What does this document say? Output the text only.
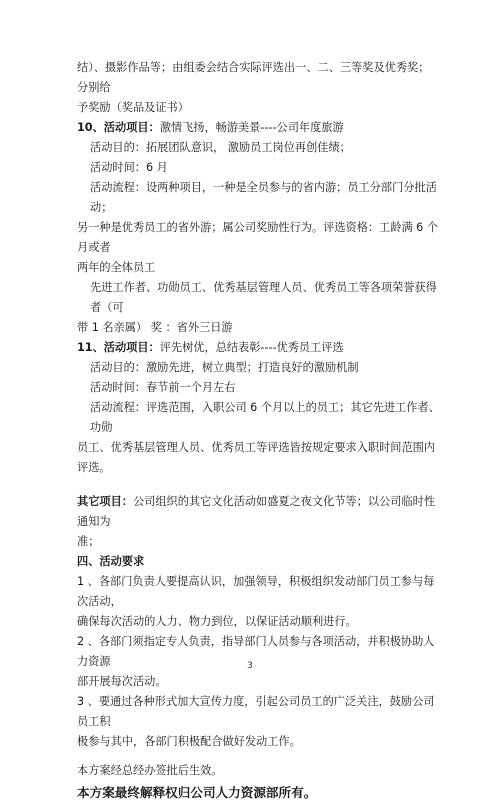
结）、摄影作品等；由组委会结合实际评选出一、二、三等奖及优秀奖；分别给

予奖励（奖品及证书）

10、活动项目：激情飞扬，畅游美景----公司年度旅游

活动目的：拓展团队意识， 激励员工岗位再创佳绩；

活动时间：6 月

活动流程：设两种项目，一种是全员参与的省内游；员工分部门分批活动；

另一种是优秀员工的省外游；属公司奖励性行为。评选资格：工龄满 6 个月或者

两年的全体员工

先进工作者、功勋员工、优秀基层管理人员、优秀员工等各项荣誉获得者（可

带 1 名亲属） 奖 ：省外三日游

11、活动项目：评先树优，总结表彰----优秀员工评选

活动目的：激励先进，树立典型；打造良好的激励机制

活动时间：春节前一个月左右

活动流程：评选范围，入职公司 6 个月以上的员工；其它先进工作者、功勋

员工、优秀基层管理人员、优秀员工等评选皆按规定要求入职时间范围内评选。

其它项目：公司组织的其它文化活动如盛夏之夜文化节等；以公司临时性通知为

准；

四、活动要求

1 、各部门负责人要提高认识，加强领导，积极组织发动部门员工参与每次活动，

确保每次活动的人力、物力到位，以保证活动顺利进行。

2 、各部门须指定专人负责，指导部门人员参与各项活动，并积极协助人力资源

部开展每次活动。

3 、要通过各种形式加大宣传力度，引起公司员工的广泛关注，鼓励公司员工积

极参与其中，各部门积极配合做好发动工作。

本方案经总经办签批后生效。

本方案最终解释权归公司人力资源部所有。

3
